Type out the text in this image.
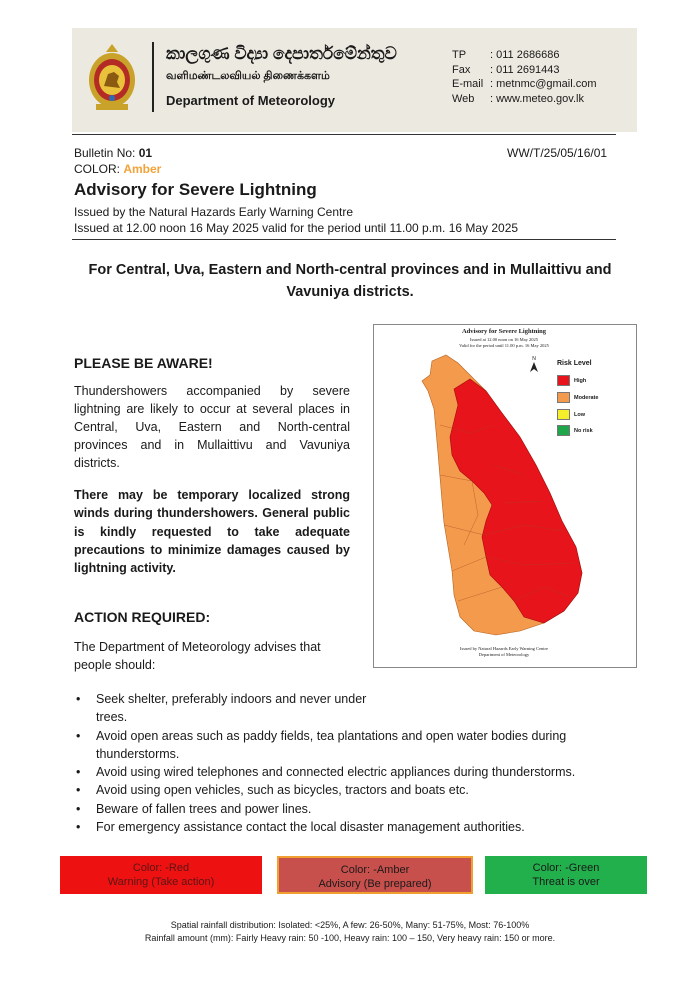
කාලගුණ විද්‍යා දෙපාර්තමේන්තුව
வளிமண்டலவியல் திணைக்களம்
Department of Meteorology
TP	: 011 2686686
Fax	: 011 2691443
E-mail : metnmc@gmail.com
Web	: www.meteo.gov.lk
Bulletin No: 01	WW/T/25/05/16/01
COLOR: Amber
Advisory for Severe Lightning
Issued by the Natural Hazards Early Warning Centre
Issued at 12.00 noon 16 May 2025 valid for the period until 11.00 p.m. 16 May 2025
For Central, Uva, Eastern and North-central provinces and in Mullaittivu and Vavuniya districts.
PLEASE BE AWARE!
Thundershowers accompanied by severe lightning are likely to occur at several places in Central, Uva, Eastern and North-central provinces and in Mullaittivu and Vavuniya districts.
There may be temporary localized strong winds during thundershowers. General public is kindly requested to take adequate precautions to minimize damages caused by lightning activity.
ACTION REQUIRED:
The Department of Meteorology advises that people should:
Advisory for Severe Lightning
Issued at 12.00 noon on 16 May 2025
Valid for the period until 11.00 p.m. 16 May 2025
N
Risk Level
High
Moderate
Low
No risk
Issued by Natural Hazards Early Warning Centre
Department of Meteorology
• Seek shelter, preferably indoors and never under trees.
• Avoid open areas such as paddy fields, tea plantations and open water bodies during thunderstorms.
• Avoid using wired telephones and connected electric appliances during thunderstorms.
• Avoid using open vehicles, such as bicycles, tractors and boats etc.
• Beware of fallen trees and power lines.
• For emergency assistance contact the local disaster management authorities.
Color: -Red
Warning (Take action)
Color: -Amber
Advisory (Be prepared)
Color: -Green
Threat is over
Spatial rainfall distribution: Isolated: <25%, A few: 26-50%, Many: 51-75%, Most: 76-100%
Rainfall amount (mm): Fairly Heavy rain: 50 -100, Heavy rain: 100 – 150, Very heavy rain: 150 or more.
